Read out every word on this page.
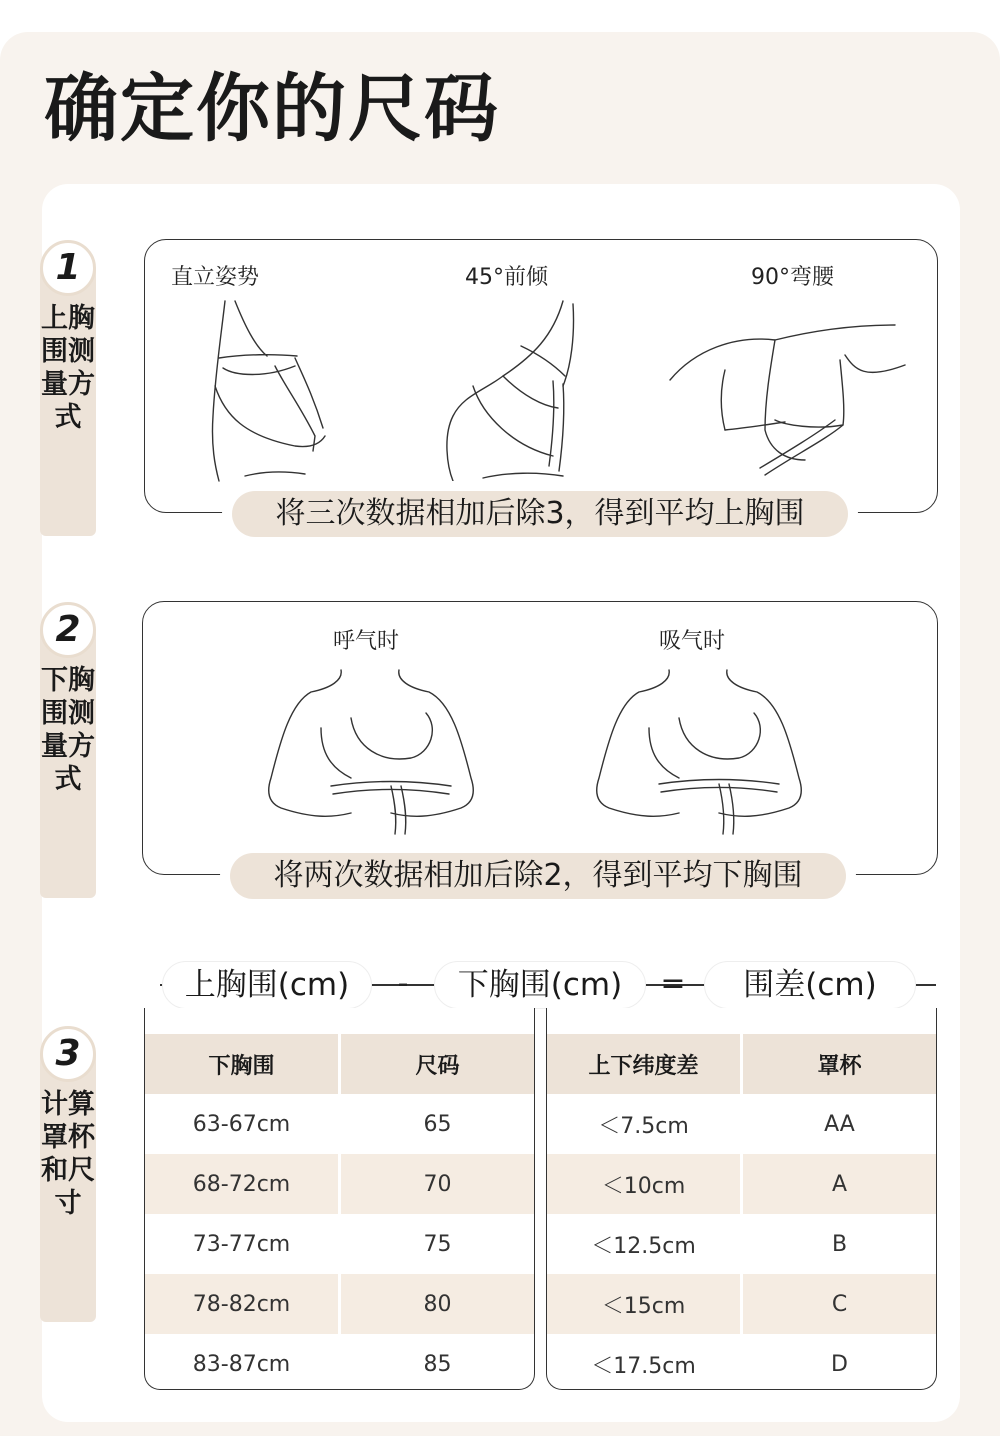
确定你的尺码
1
上胸围测量方式
直立姿势	45°前倾	90°弯腰
将三次数据相加后除3，得到平均上胸围
2
下胸围测量方式
呼气时	吸气时
将两次数据相加后除2，得到平均下胸围
3
计算罩杯和尺寸
上胸围(cm)	-	下胸围(cm)	=	围差(cm)
下胸围	尺码
63-67cm	65
68-72cm	70
73-77cm	75
78-82cm	80
83-87cm	85
上下纬度差	罩杯
＜7.5cm	AA
＜10cm	A
＜12.5cm	B
＜15cm	C
＜17.5cm	D
